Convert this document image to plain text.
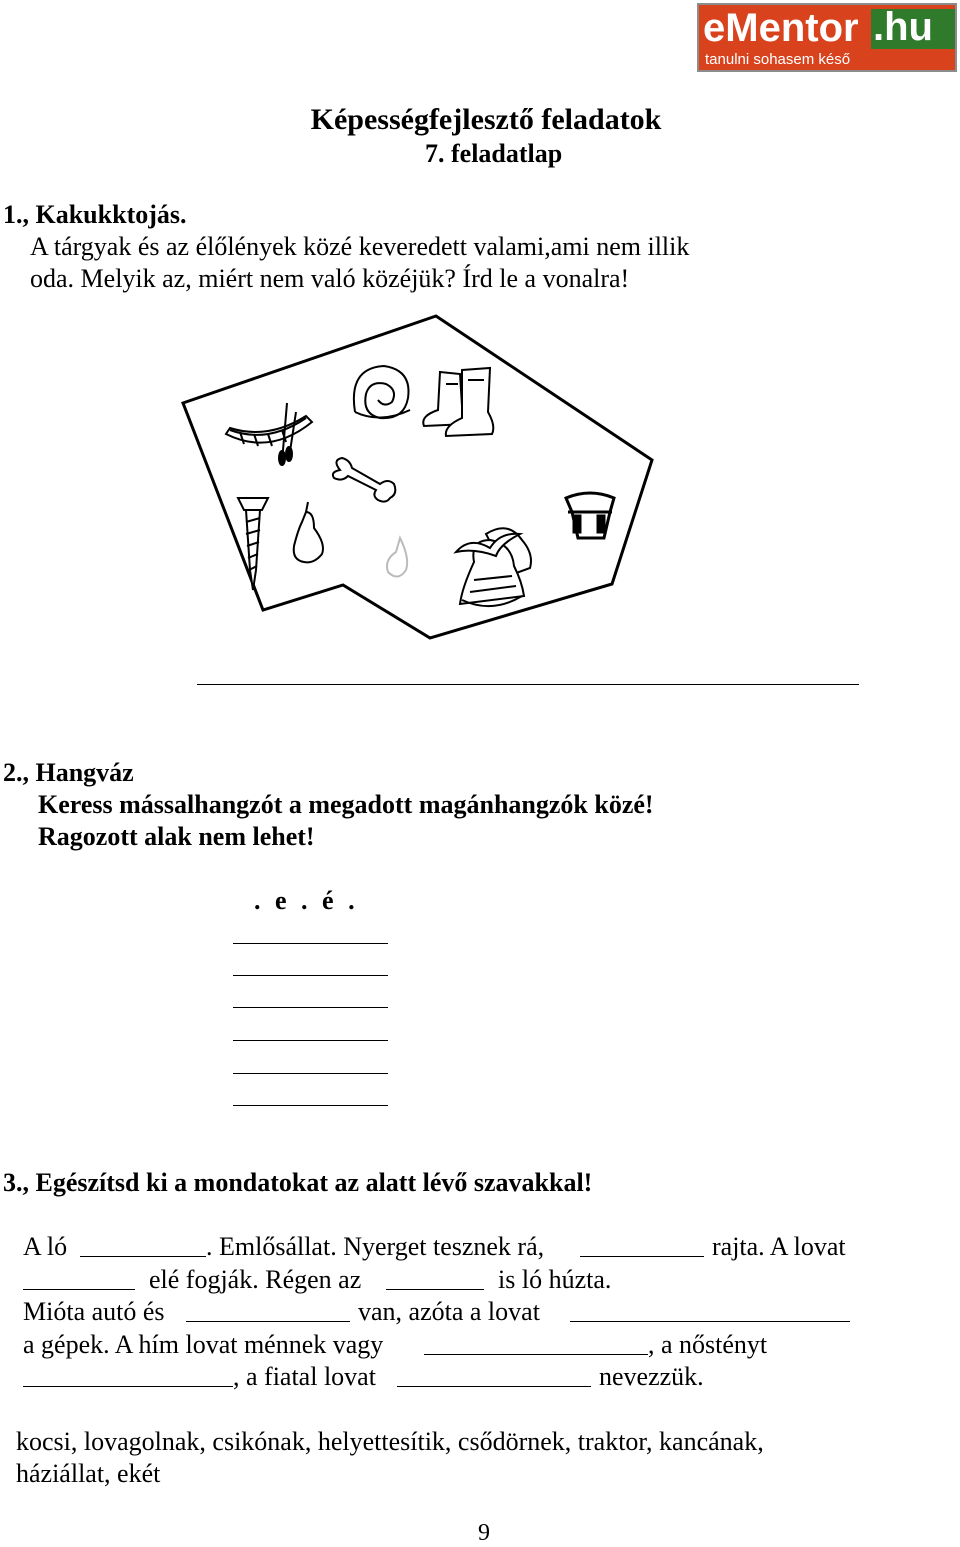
eMentor .hu
tanulni sohasem késő
Képességfejlesztő feladatok
7. feladatlap
1., Kakukktojás.
A tárgyak és az élőlények közé keveredett valami,ami nem illik
oda. Melyik az, miért nem való közéjük? Írd le a vonalra!
2., Hangváz
Keress mássalhangzót a megadott magánhangzók közé!
Ragozott alak nem lehet!
. e . é .
3., Egészítsd ki a mondatokat az alatt lévő szavakkal!
A ló	. Emlősállat. Nyerget tesznek rá,	rajta. A lovat
elé fogják. Régen az	is ló húzta.
Mióta autó és	van, azóta a lovat
a gépek. A hím lovat ménnek vagy	, a nőstényt
, a fiatal lovat	nevezzük.
kocsi, lovagolnak, csikónak, helyettesítik, csődörnek, traktor, kancának,
háziállat, ekét
9
